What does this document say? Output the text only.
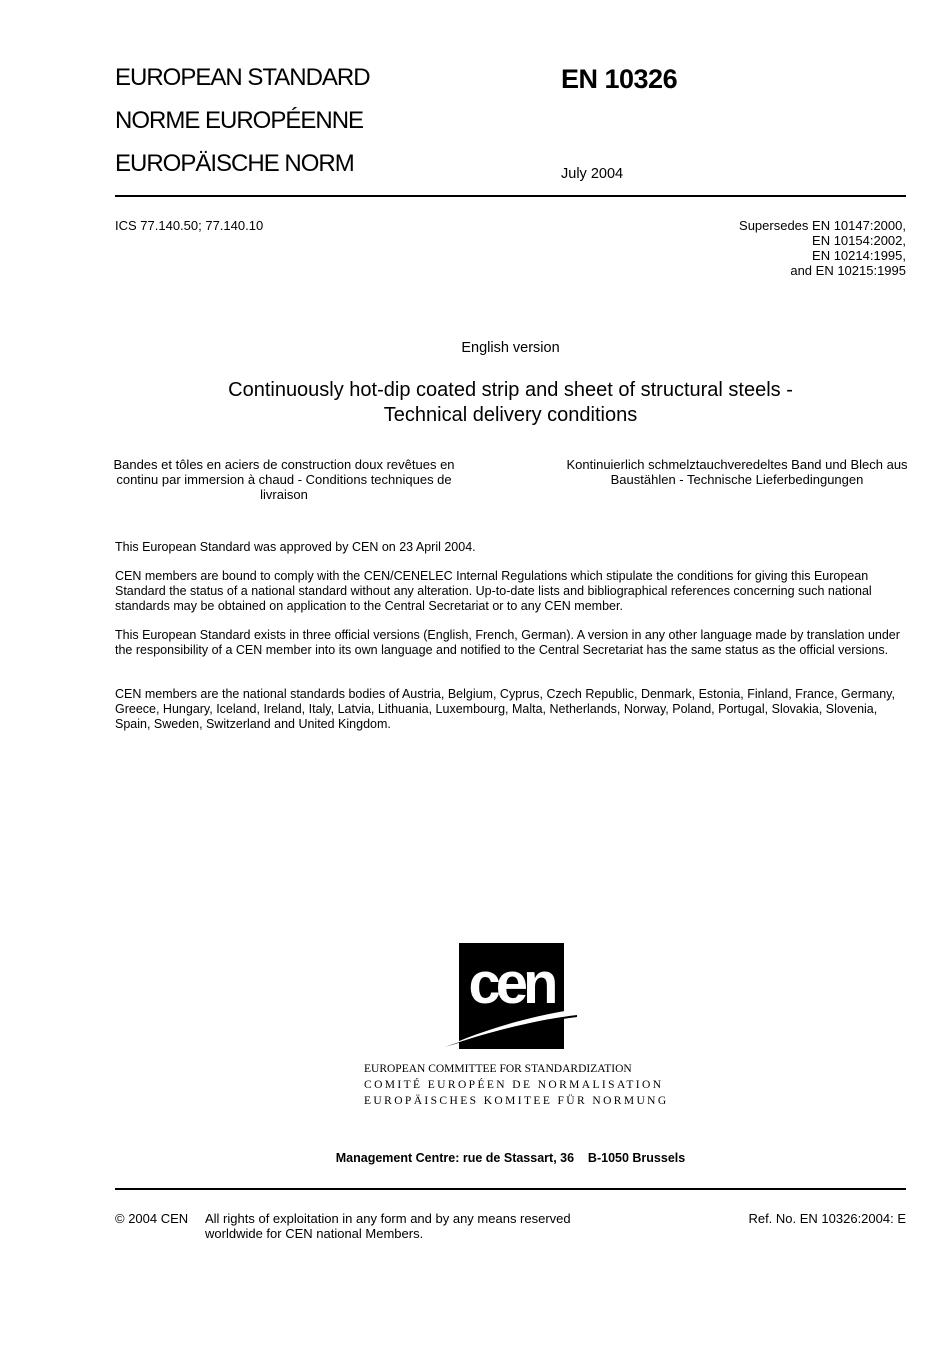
EUROPEAN STANDARD
NORME EUROPÉENNE
EUROPÄISCHE NORM
EN 10326
July 2004
ICS 77.140.50; 77.140.10	Supersedes EN 10147:2000,
EN 10154:2002,
EN 10214:1995,
and EN 10215:1995
English version
Continuously hot-dip coated strip and sheet of structural steels -
Technical delivery conditions
Bandes et tôles en aciers de construction doux revêtues en
continu par immersion à chaud - Conditions techniques de
livraison
Kontinuierlich schmelztauchveredeltes Band und Blech aus
Baustählen - Technische Lieferbedingungen
This European Standard was approved by CEN on 23 April 2004.
CEN members are bound to comply with the CEN/CENELEC Internal Regulations which stipulate the conditions for giving this European Standard the status of a national standard without any alteration. Up-to-date lists and bibliographical references concerning such national standards may be obtained on application to the Central Secretariat or to any CEN member.
This European Standard exists in three official versions (English, French, German). A version in any other language made by translation under the responsibility of a CEN member into its own language and notified to the Central Secretariat has the same status as the official versions.
CEN members are the national standards bodies of Austria, Belgium, Cyprus, Czech Republic, Denmark, Estonia, Finland, France, Germany, Greece, Hungary, Iceland, Ireland, Italy, Latvia, Lithuania, Luxembourg, Malta, Netherlands, Norway, Poland, Portugal, Slovakia, Slovenia, Spain, Sweden, Switzerland and United Kingdom.
cen
EUROPEAN COMMITTEE FOR STANDARDIZATION
COMITÉ EUROPÉEN DE NORMALISATION
EUROPÄISCHES KOMITEE FÜR NORMUNG
Management Centre: rue de Stassart, 36    B-1050 Brussels
© 2004 CEN All rights of exploitation in any form and by any means reserved
worldwide for CEN national Members.
Ref. No. EN 10326:2004: E
